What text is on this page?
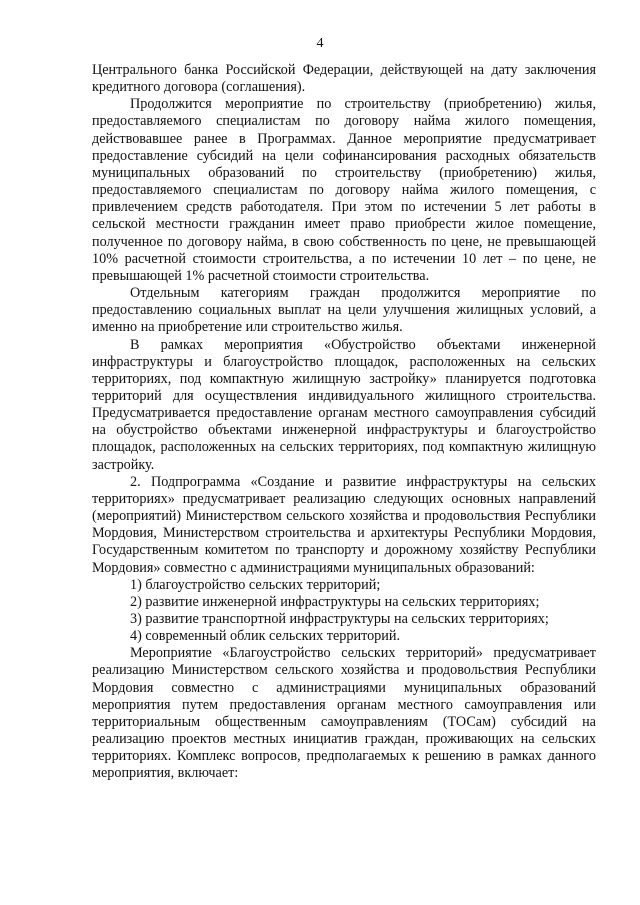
4

Центрального банка Российской Федерации, действующей на дату заключения кредитного договора (соглашения).

Продолжится мероприятие по строительству (приобретению) жилья, предоставляемого специалистам по договору найма жилого помещения, действовавшее ранее в Программах. Данное мероприятие предусматривает предоставление субсидий на цели софинансирования расходных обязательств муниципальных образований по строительству (приобретению) жилья, предоставляемого специалистам по договору найма жилого помещения, с привлечением средств работодателя. При этом по истечении 5 лет работы в сельской местности гражданин имеет право приобрести жилое помещение, полученное по договору найма, в свою собственность по цене, не превышающей 10% расчетной стоимости строительства, а по истечении 10 лет – по цене, не превышающей 1% расчетной стоимости строительства.

Отдельным категориям граждан продолжится мероприятие по предоставлению социальных выплат на цели улучшения жилищных условий, а именно на приобретение или строительство жилья.

В рамках мероприятия «Обустройство объектами инженерной инфраструктуры и благоустройство площадок, расположенных на сельских территориях, под компактную жилищную застройку» планируется подготовка территорий для осуществления индивидуального жилищного строительства. Предусматривается предоставление органам местного самоуправления субсидий на обустройство объектами инженерной инфраструктуры и благоустройство площадок, расположенных на сельских территориях, под компактную жилищную застройку.

2. Подпрограмма «Создание и развитие инфраструктуры на сельских территориях» предусматривает реализацию следующих основных направлений (мероприятий) Министерством сельского хозяйства и продовольствия Республики Мордовия, Министерством строительства и архитектуры Республики Мордовия, Государственным комитетом по транспорту и дорожному хозяйству Республики Мордовия» совместно с администрациями муниципальных образований:

1) благоустройство сельских территорий;

2) развитие инженерной инфраструктуры на сельских территориях;

3) развитие транспортной инфраструктуры на сельских территориях;

4) современный облик сельских территорий.

Мероприятие «Благоустройство сельских территорий» предусматривает реализацию Министерством сельского хозяйства и продовольствия Республики Мордовия совместно с администрациями муниципальных образований мероприятия путем предоставления органам местного самоуправления или территориальным общественным самоуправлениям (ТОСам) субсидий на реализацию проектов местных инициатив граждан, проживающих на сельских территориях. Комплекс вопросов, предполагаемых к решению в рамках данного мероприятия, включает:
